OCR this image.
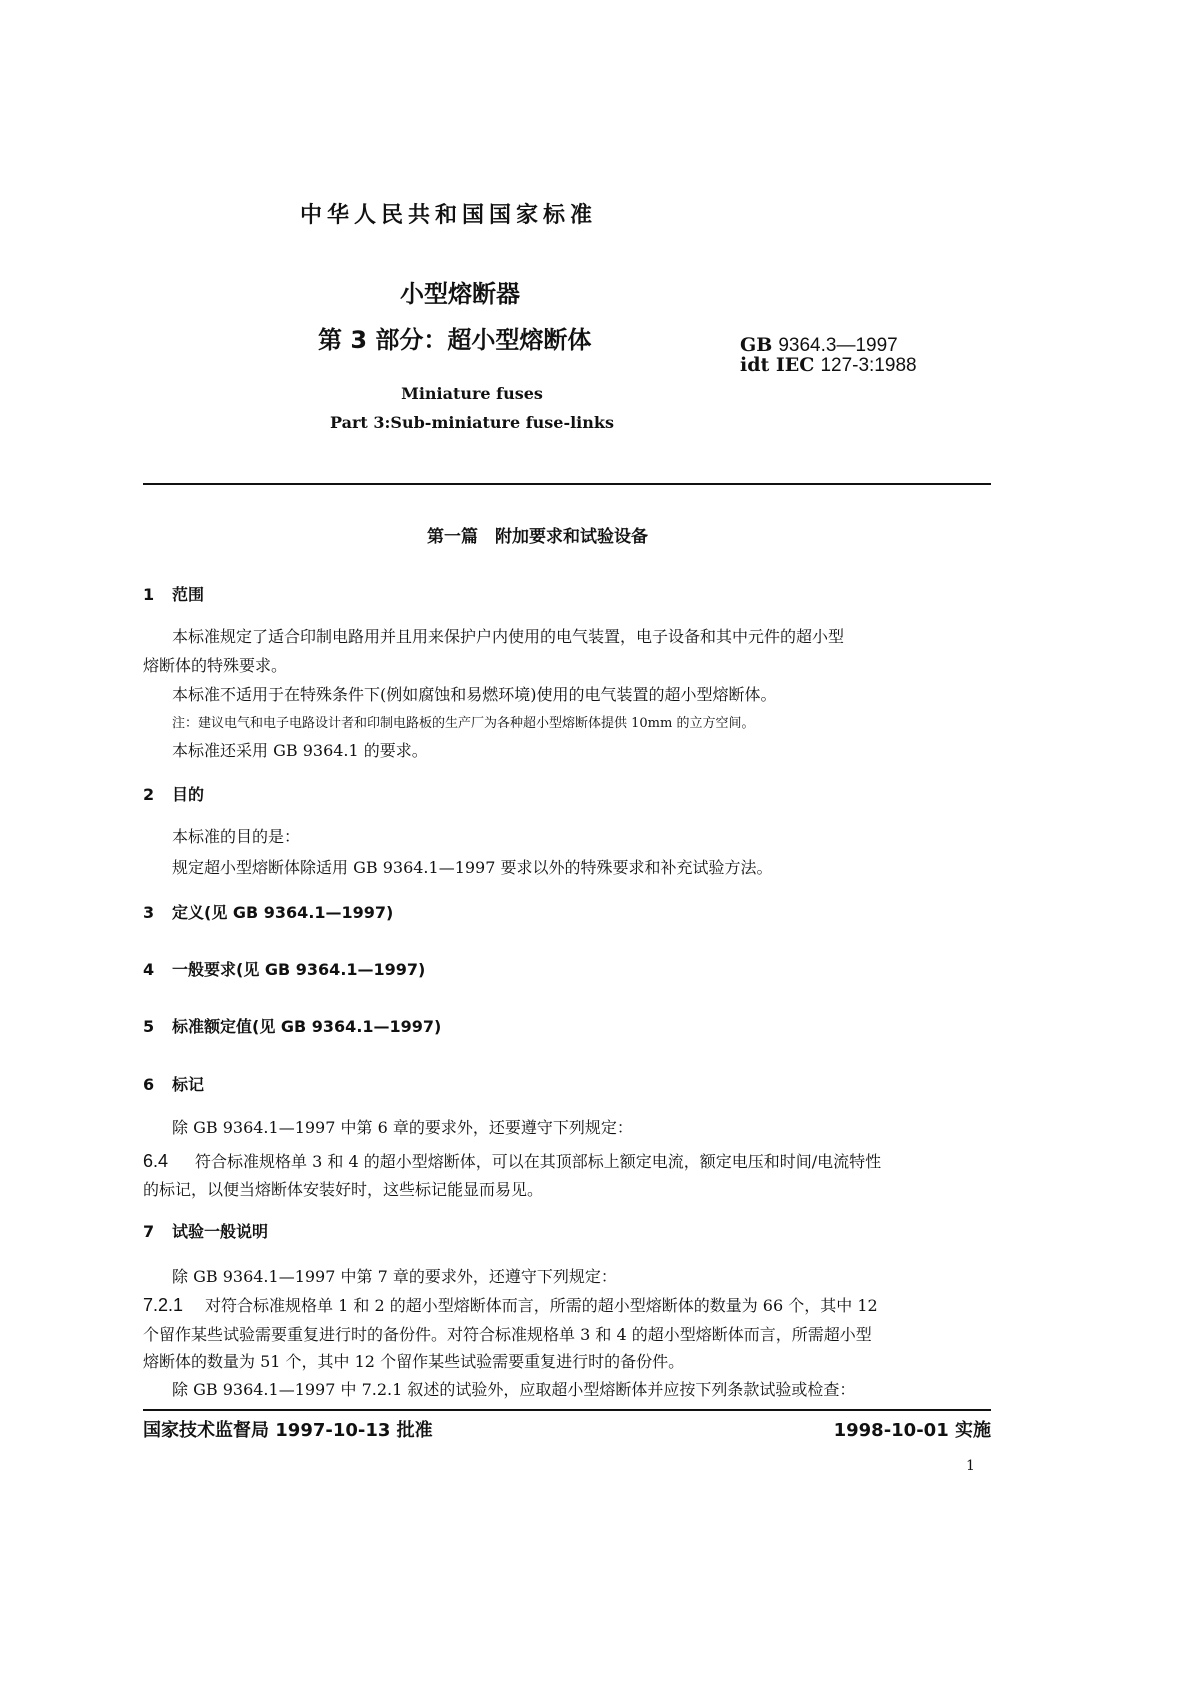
中华人民共和国国家标准
小型熔断器
第 3 部分：超小型熔断体	GB 9364.3—1997
idt IEC 127-3:1988
Miniature fuses
Part 3:Sub-miniature fuse-links
第一篇　附加要求和试验设备
1 范围
本标准规定了适合印制电路用并且用来保护户内使用的电气装置，电子设备和其中元件的超小型
熔断体的特殊要求。
本标准不适用于在特殊条件下(例如腐蚀和易燃环境)使用的电气装置的超小型熔断体。
注：建议电气和电子电路设计者和印制电路板的生产厂为各种超小型熔断体提供 10mm 的立方空间。
本标准还采用 GB 9364.1 的要求。
2 目的
本标准的目的是：
规定超小型熔断体除适用 GB 9364.1—1997 要求以外的特殊要求和补充试验方法。
3 定义(见 GB 9364.1—1997)
4 一般要求(见 GB 9364.1—1997)
5 标准额定值(见 GB 9364.1—1997)
6 标记
除 GB 9364.1—1997 中第 6 章的要求外，还要遵守下列规定：
6.4 符合标准规格单 3 和 4 的超小型熔断体，可以在其顶部标上额定电流，额定电压和时间/电流特性
的标记，以便当熔断体安装好时，这些标记能显而易见。
7 试验一般说明
除 GB 9364.1—1997 中第 7 章的要求外，还遵守下列规定：
7.2.1 对符合标准规格单 1 和 2 的超小型熔断体而言，所需的超小型熔断体的数量为 66 个，其中 12
个留作某些试验需要重复进行时的备份件。对符合标准规格单 3 和 4 的超小型熔断体而言，所需超小型
熔断体的数量为 51 个，其中 12 个留作某些试验需要重复进行时的备份件。
除 GB 9364.1—1997 中 7.2.1 叙述的试验外，应取超小型熔断体并应按下列条款试验或检查：
国家技术监督局 1997-10-13 批准	1998-10-01 实施
1
